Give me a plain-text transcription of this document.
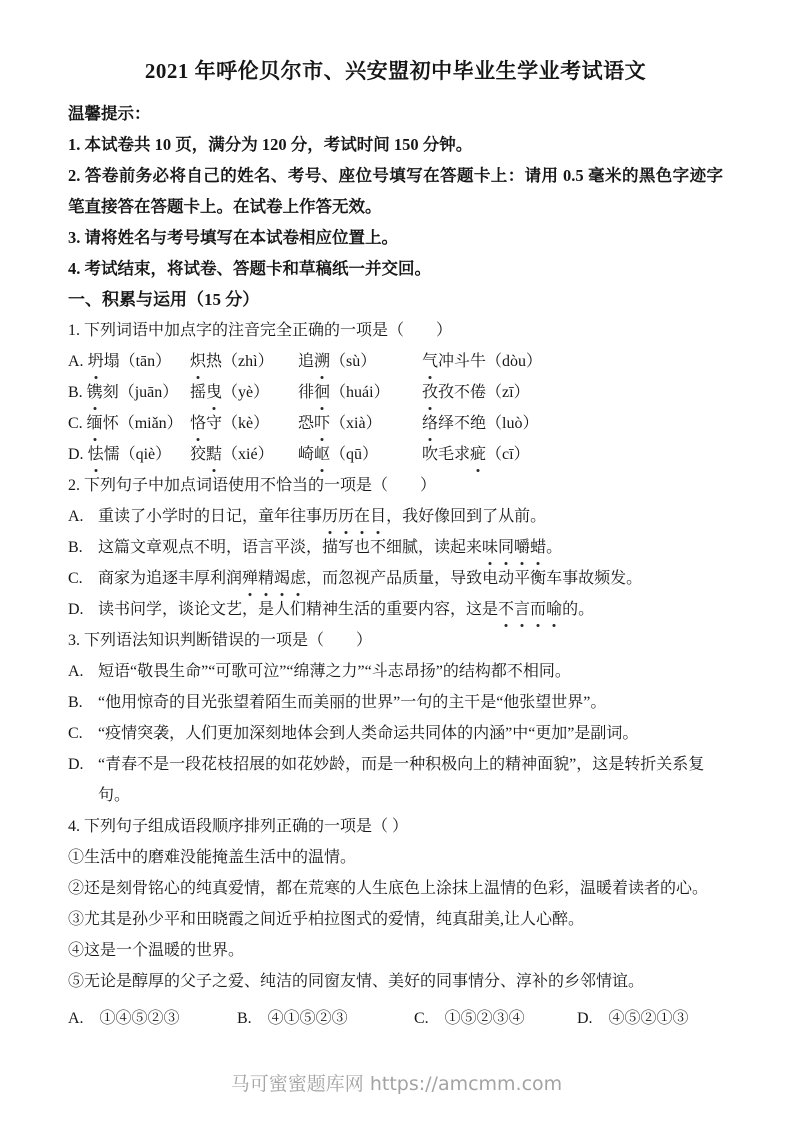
2021 年呼伦贝尔市、兴安盟初中毕业生学业考试语文

温馨提示：

1. 本试卷共 10 页，满分为 120 分，考试时间 150 分钟。

2. 答卷前务必将自己的姓名、考号、座位号填写在答题卡上：请用 0.5 毫米的黑色字迹字笔直接答在答题卡上。在试卷上作答无效。

3. 请将姓名与考号填写在本试卷相应位置上。

4. 考试结束，将试卷、答题卡和草稿纸一并交回。

一、积累与运用（15 分）

1. 下列词语中加点字的注音完全正确的一项是（　　）

A. 坍塌（tān）	炽热（zhì）	追溯（sù）	气冲斗牛（dòu）
B. 镌刻（juān） 摇曳（yè）	徘徊（huái）	孜孜不倦（zī）
C. 缅怀（miǎn） 恪守（kè）	恐吓（xià）	络绎不绝（luò）
D. 怯懦（qiè）	狡黠（xié）	崎岖（qū）	吹毛求疵（cī）

2. 下列句子中加点词语使用不恰当的一项是（　　）

A. 重读了小学时的日记，童年往事历历在目，我好像回到了从前。
B. 这篇文章观点不明，语言平淡，描写也不细腻，读起来味同嚼蜡。
C. 商家为追逐丰厚利润殚精竭虑，而忽视产品质量，导致电动平衡车事故频发。
D. 读书问学，谈论文艺，是人们精神生活的重要内容，这是不言而喻的。

3. 下列语法知识判断错误的一项是（　　）

A. 短语“敬畏生命”“可歌可泣”“绵薄之力”“斗志昂扬”的结构都不相同。
B. “他用惊奇的目光张望着陌生而美丽的世界”一句的主干是“他张望世界”。
C. “疫情突袭，人们更加深刻地体会到人类命运共同体的内涵”中“更加”是副词。
D. “青春不是一段花枝招展的如花妙龄，而是一种积极向上的精神面貌”，这是转折关系复句。

4. 下列句子组成语段顺序排列正确的一项是（ ）

①生活中的磨难没能掩盖生活中的温情。

②还是刻骨铭心的纯真爱情，都在荒寒的人生底色上涂抹上温情的色彩，温暖着读者的心。

③尤其是孙少平和田晓霞之间近乎柏拉图式的爱情，纯真甜美,让人心醉。

④这是一个温暖的世界。

⑤无论是醇厚的父子之爱、纯洁的同窗友情、美好的同事情分、淳补的乡邻情谊。

A.　①④⑤②③	B.　④①⑤②③	C.　①⑤②③④	D.　④⑤②①③
马可蜜蜜题库网 https://amcmm.com
